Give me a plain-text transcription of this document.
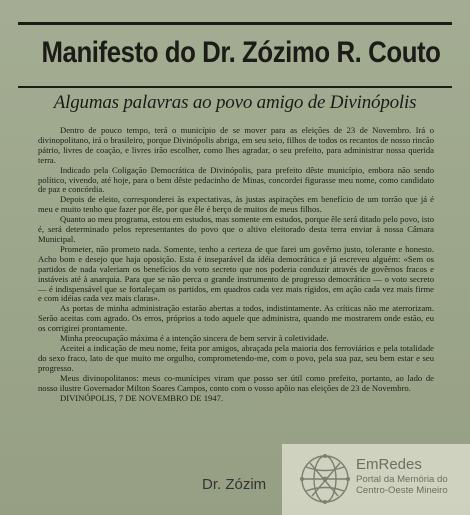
Manifesto do Dr. Zózimo R. Couto
Algumas palavras ao povo amigo de Divinópolis

Dentro de pouco tempo, terá o município de se mover para as eleições de 23 de Novembro. Irá o divinopolitano, irá o brasileiro, porque Divinópolis abriga, em seu seio, filhos de todos os recantos de nosso rincão pátrio, livres de coação, e livres irão escolher, como lhes agradar, o seu prefeito, para administrar nossa querida terra.

Indicado pela Coligação Democrática de Divinópolis, para prefeito dêste município, embora não sendo político, vivendo, até hoje, para o bem dêste pedacinho de Minas, concordei figurasse meu nome, como candidato de paz e concórdia.

Depois de eleito, corresponderei às expectativas, às justas aspirações em benefício de um torrão que já é meu e muito tenho que fazer por êle, por que êle é berço de muitos de meus filhos.

Quanto ao meu programa, estou em estudos, mas somente em estudos, porque êle será ditado pelo povo, isto é, será determinado pelos representantes do povo que o altivo eleitorado desta terra enviar à nossa Câmara Municipal.

Prometer, não prometo nada. Somente, tenho a certeza de que farei um govêrno justo, tolerante e honesto. Acho bom e desejo que haja oposição. Esta é inseparável da idéia democrática e já escreveu alguém: «Sem os partidos de nada valeriam os benefícios do voto secreto que nos poderia conduzir através de govêrnos fracos e instáveis até à anarquia. Para que se não perca o grande instrumento de progresso democrático — o voto secreto — é indispensável que se fortaleçam os partidos, em quadros cada vez mais rígidos, em ação cada vez mais firme e com idéias cada vez mais claras».

As portas de minha administração estarão abertas a todos, indistintamente. As críticas não me aterrorizam. Serão aceitas com agrado. Os erros, próprios a todo aquele que administra, quando me mostrarem onde estão, eu os corrigirei prontamente.

Minha preocupação máxima é a intenção sincera de bem servir à coletividade.

Aceitei a indicação de meu nome, feita por amigos, abraçada pela maioria dos ferroviários e pela totalidade do sexo fraco, lato de que muito me orgulho, comprometendo-me, com o povo, pela sua paz, seu bem estar e seu progresso.

Meus divinopolitanos: meus co-munícipes viram que posso ser útil como prefeito, portanto, ao lado de nosso ilustre Governador Milton Soares Campos, conto com o vosso apôio nas eleições de 23 de Novembro.

DIVINÓPOLIS, 7 DE NOVEMBRO DE 1947.

Dr. Zózim
EmRedes
Portal da Memória do Centro-Oeste Mineiro
